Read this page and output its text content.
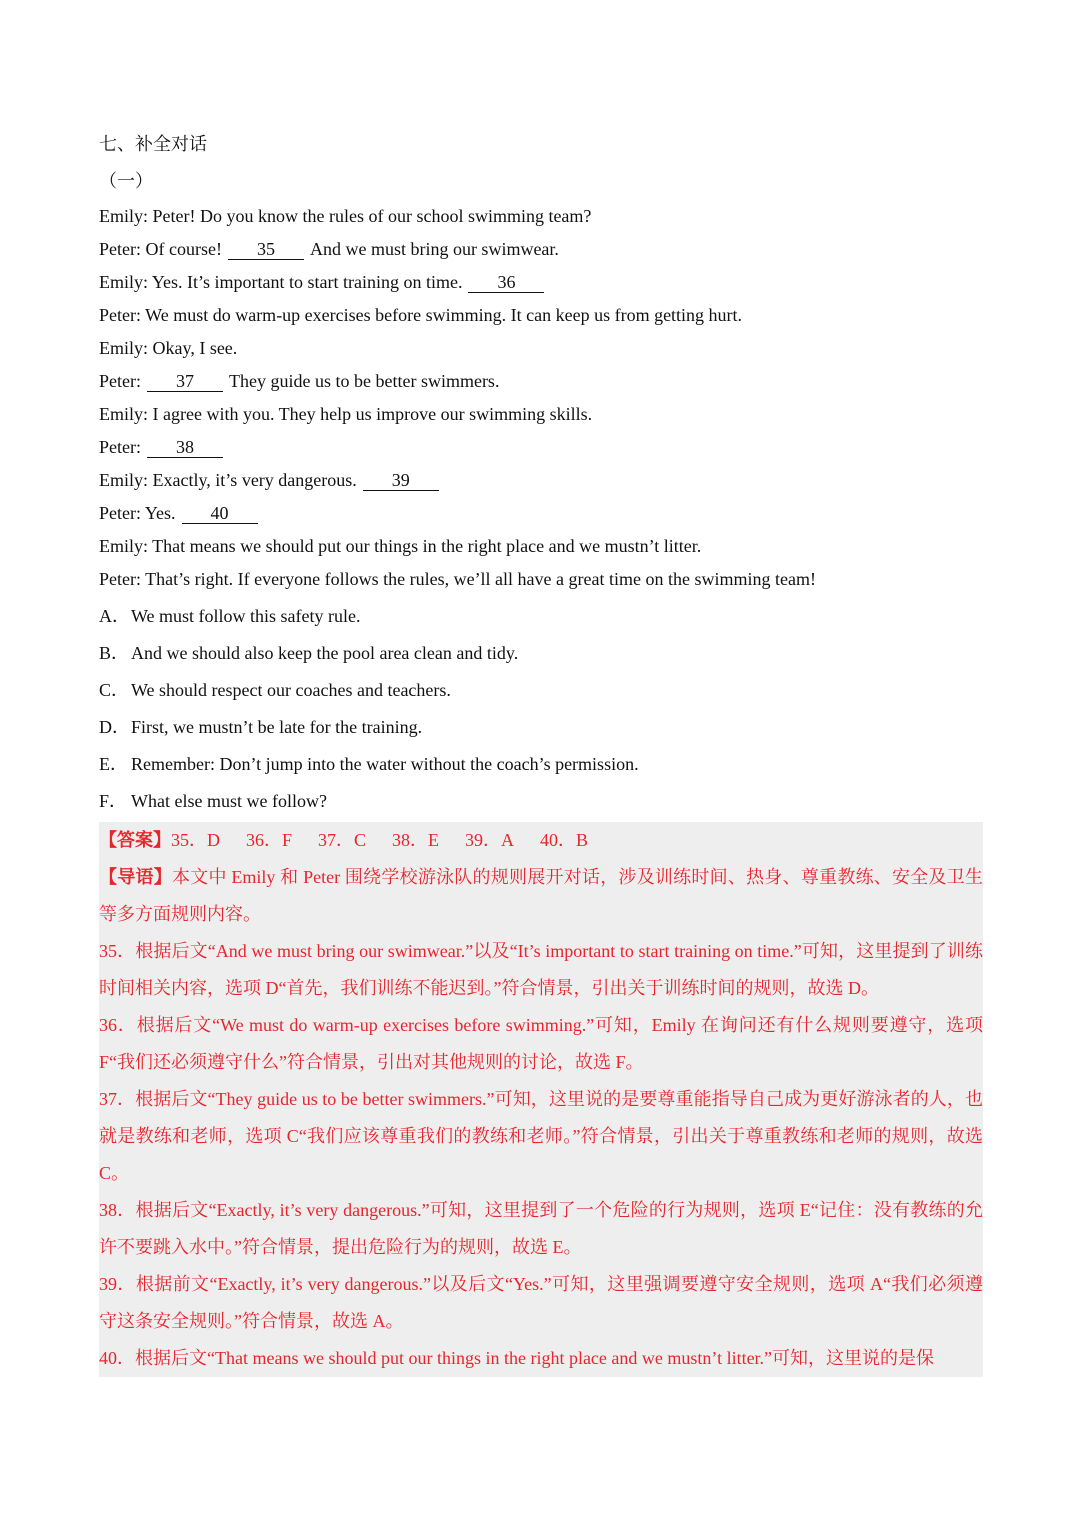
七、补全对话
（一）
Emily: Peter! Do you know the rules of our school swimming team?
Peter: Of course! 35 And we must bring our swimwear.
Emily: Yes. It’s important to start training on time. 36
Peter: We must do warm-up exercises before swimming. It can keep us from getting hurt.
Emily: Okay, I see.
Peter: 37 They guide us to be better swimmers.
Emily: I agree with you. They help us improve our swimming skills.
Peter: 38
Emily: Exactly, it’s very dangerous. 39
Peter: Yes. 40
Emily: That means we should put our things in the right place and we mustn’t litter.
Peter: That’s right. If everyone follows the rules, we’ll all have a great time on the swimming team!
A．We must follow this safety rule.
B． And we should also keep the pool area clean and tidy.
C． We should respect our coaches and teachers.
D．First, we mustn’t be late for the training.
E． Remember: Don’t jump into the water without the coach’s permission.
F． What else must we follow?
【答案】35．D 36．F 37．C 38．E 39．A 40．B
【导语】本文中 Emily 和 Peter 围绕学校游泳队的规则展开对话，涉及训练时间、热身、尊重教练、安全及卫生等多方面规则内容。
35．根据后文“And we must bring our swimwear.”以及“It’s important to start training on time.”可知，这里提到了训练时间相关内容，选项 D“首先，我们训练不能迟到。”符合情景，引出关于训练时间的规则，故选 D。
36．根据后文“We must do warm-up exercises before swimming.”可知，Emily 在询问还有什么规则要遵守，选项 F“我们还必须遵守什么”符合情景，引出对其他规则的讨论，故选 F。
37．根据后文“They guide us to be better swimmers.”可知，这里说的是要尊重能指导自己成为更好游泳者的人，也就是教练和老师，选项 C“我们应该尊重我们的教练和老师。”符合情景，引出关于尊重教练和老师的规则，故选 C。
38．根据后文“Exactly, it’s very dangerous.”可知，这里提到了一个危险的行为规则，选项 E“记住：没有教练的允许不要跳入水中。”符合情景，提出危险行为的规则，故选 E。
39．根据前文“Exactly, it’s very dangerous.”以及后文“Yes.”可知，这里强调要遵守安全规则，选项 A“我们必须遵守这条安全规则。”符合情景，故选 A。
40．根据后文“That means we should put our things in the right place and we mustn’t litter.”可知，这里说的是保
